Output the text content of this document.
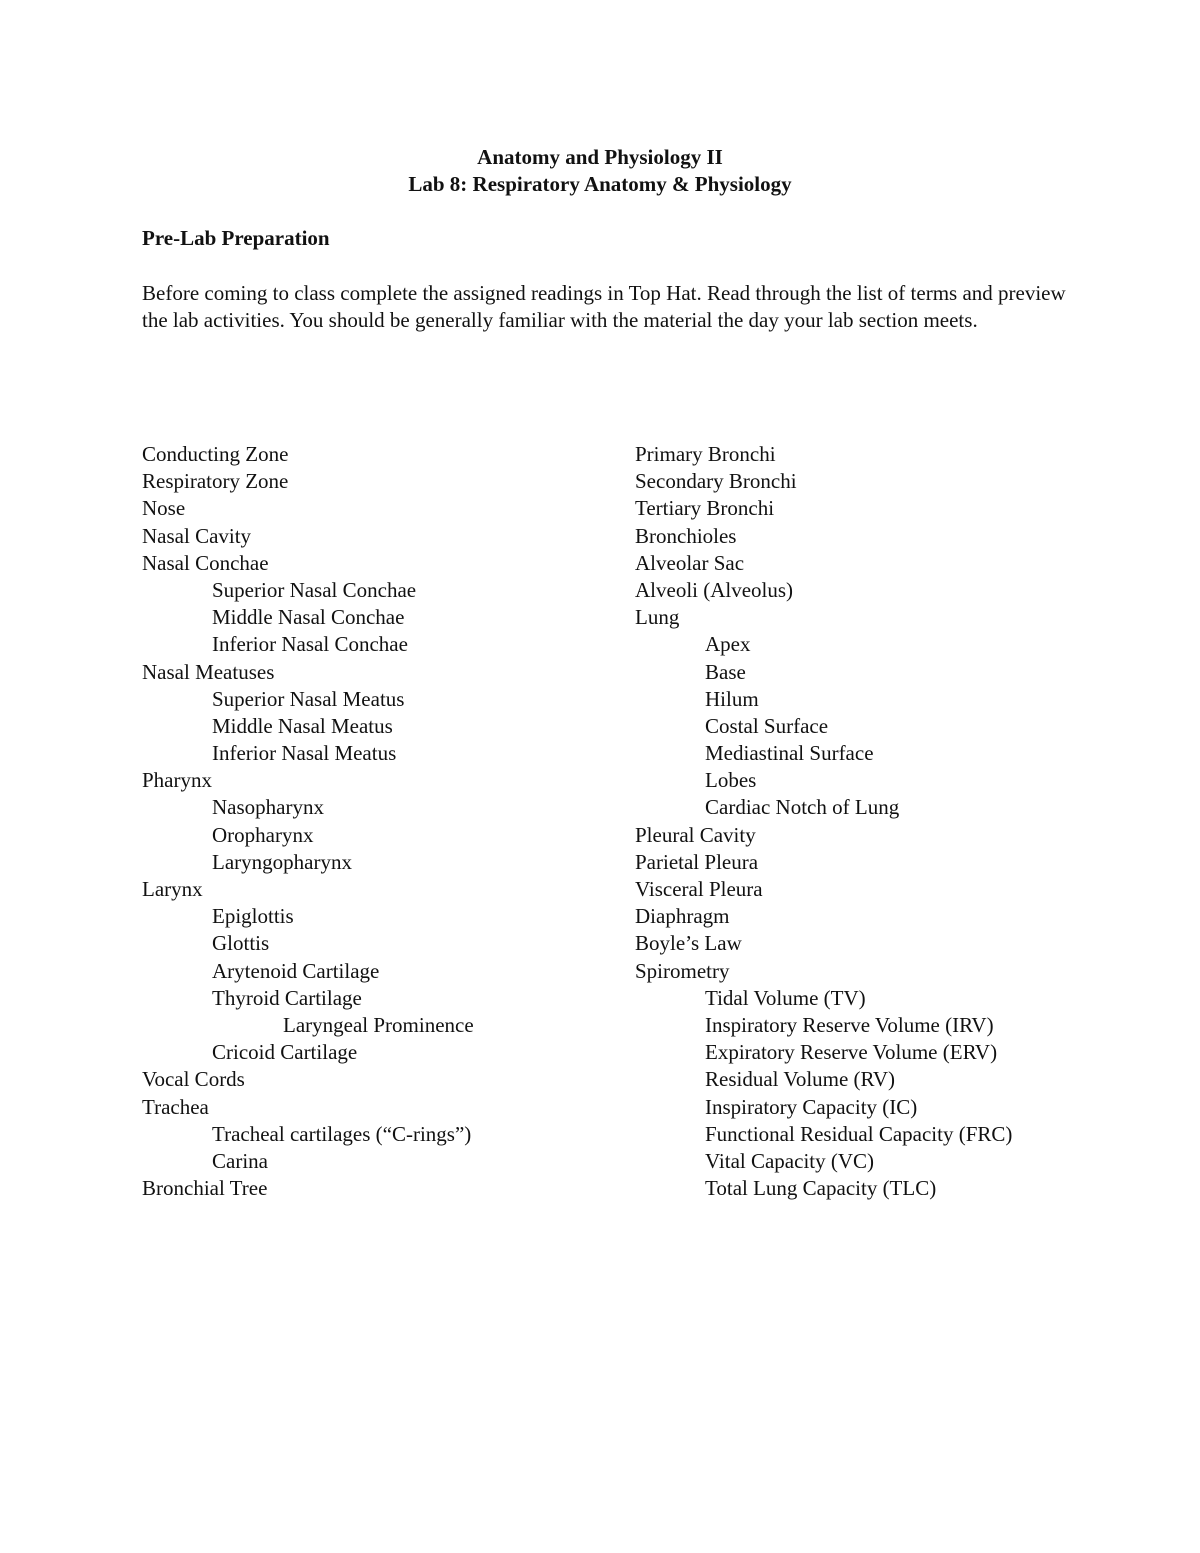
Anatomy and Physiology II
Lab 8: Respiratory Anatomy & Physiology
Pre-Lab Preparation

Before coming to class complete the assigned readings in Top Hat. Read through the list of terms and preview the lab activities. You should be generally familiar with the material the day your lab section meets.

Conducting Zone
Respiratory Zone
Nose
Nasal Cavity
Nasal Conchae
Superior Nasal Conchae
Middle Nasal Conchae
Inferior Nasal Conchae
Nasal Meatuses
Superior Nasal Meatus
Middle Nasal Meatus
Inferior Nasal Meatus
Pharynx
Nasopharynx
Oropharynx
Laryngopharynx
Larynx
Epiglottis
Glottis
Arytenoid Cartilage
Thyroid Cartilage
Laryngeal Prominence
Cricoid Cartilage
Vocal Cords
Trachea
Tracheal cartilages (“C-rings”)
Carina
Bronchial Tree
Primary Bronchi
Secondary Bronchi
Tertiary Bronchi
Bronchioles
Alveolar Sac
Alveoli (Alveolus)
Lung
Apex
Base
Hilum
Costal Surface
Mediastinal Surface
Lobes
Cardiac Notch of Lung
Pleural Cavity
Parietal Pleura
Visceral Pleura
Diaphragm
Boyle’s Law
Spirometry
Tidal Volume (TV)
Inspiratory Reserve Volume (IRV)
Expiratory Reserve Volume (ERV)
Residual Volume (RV)
Inspiratory Capacity (IC)
Functional Residual Capacity (FRC)
Vital Capacity (VC)
Total Lung Capacity (TLC)
